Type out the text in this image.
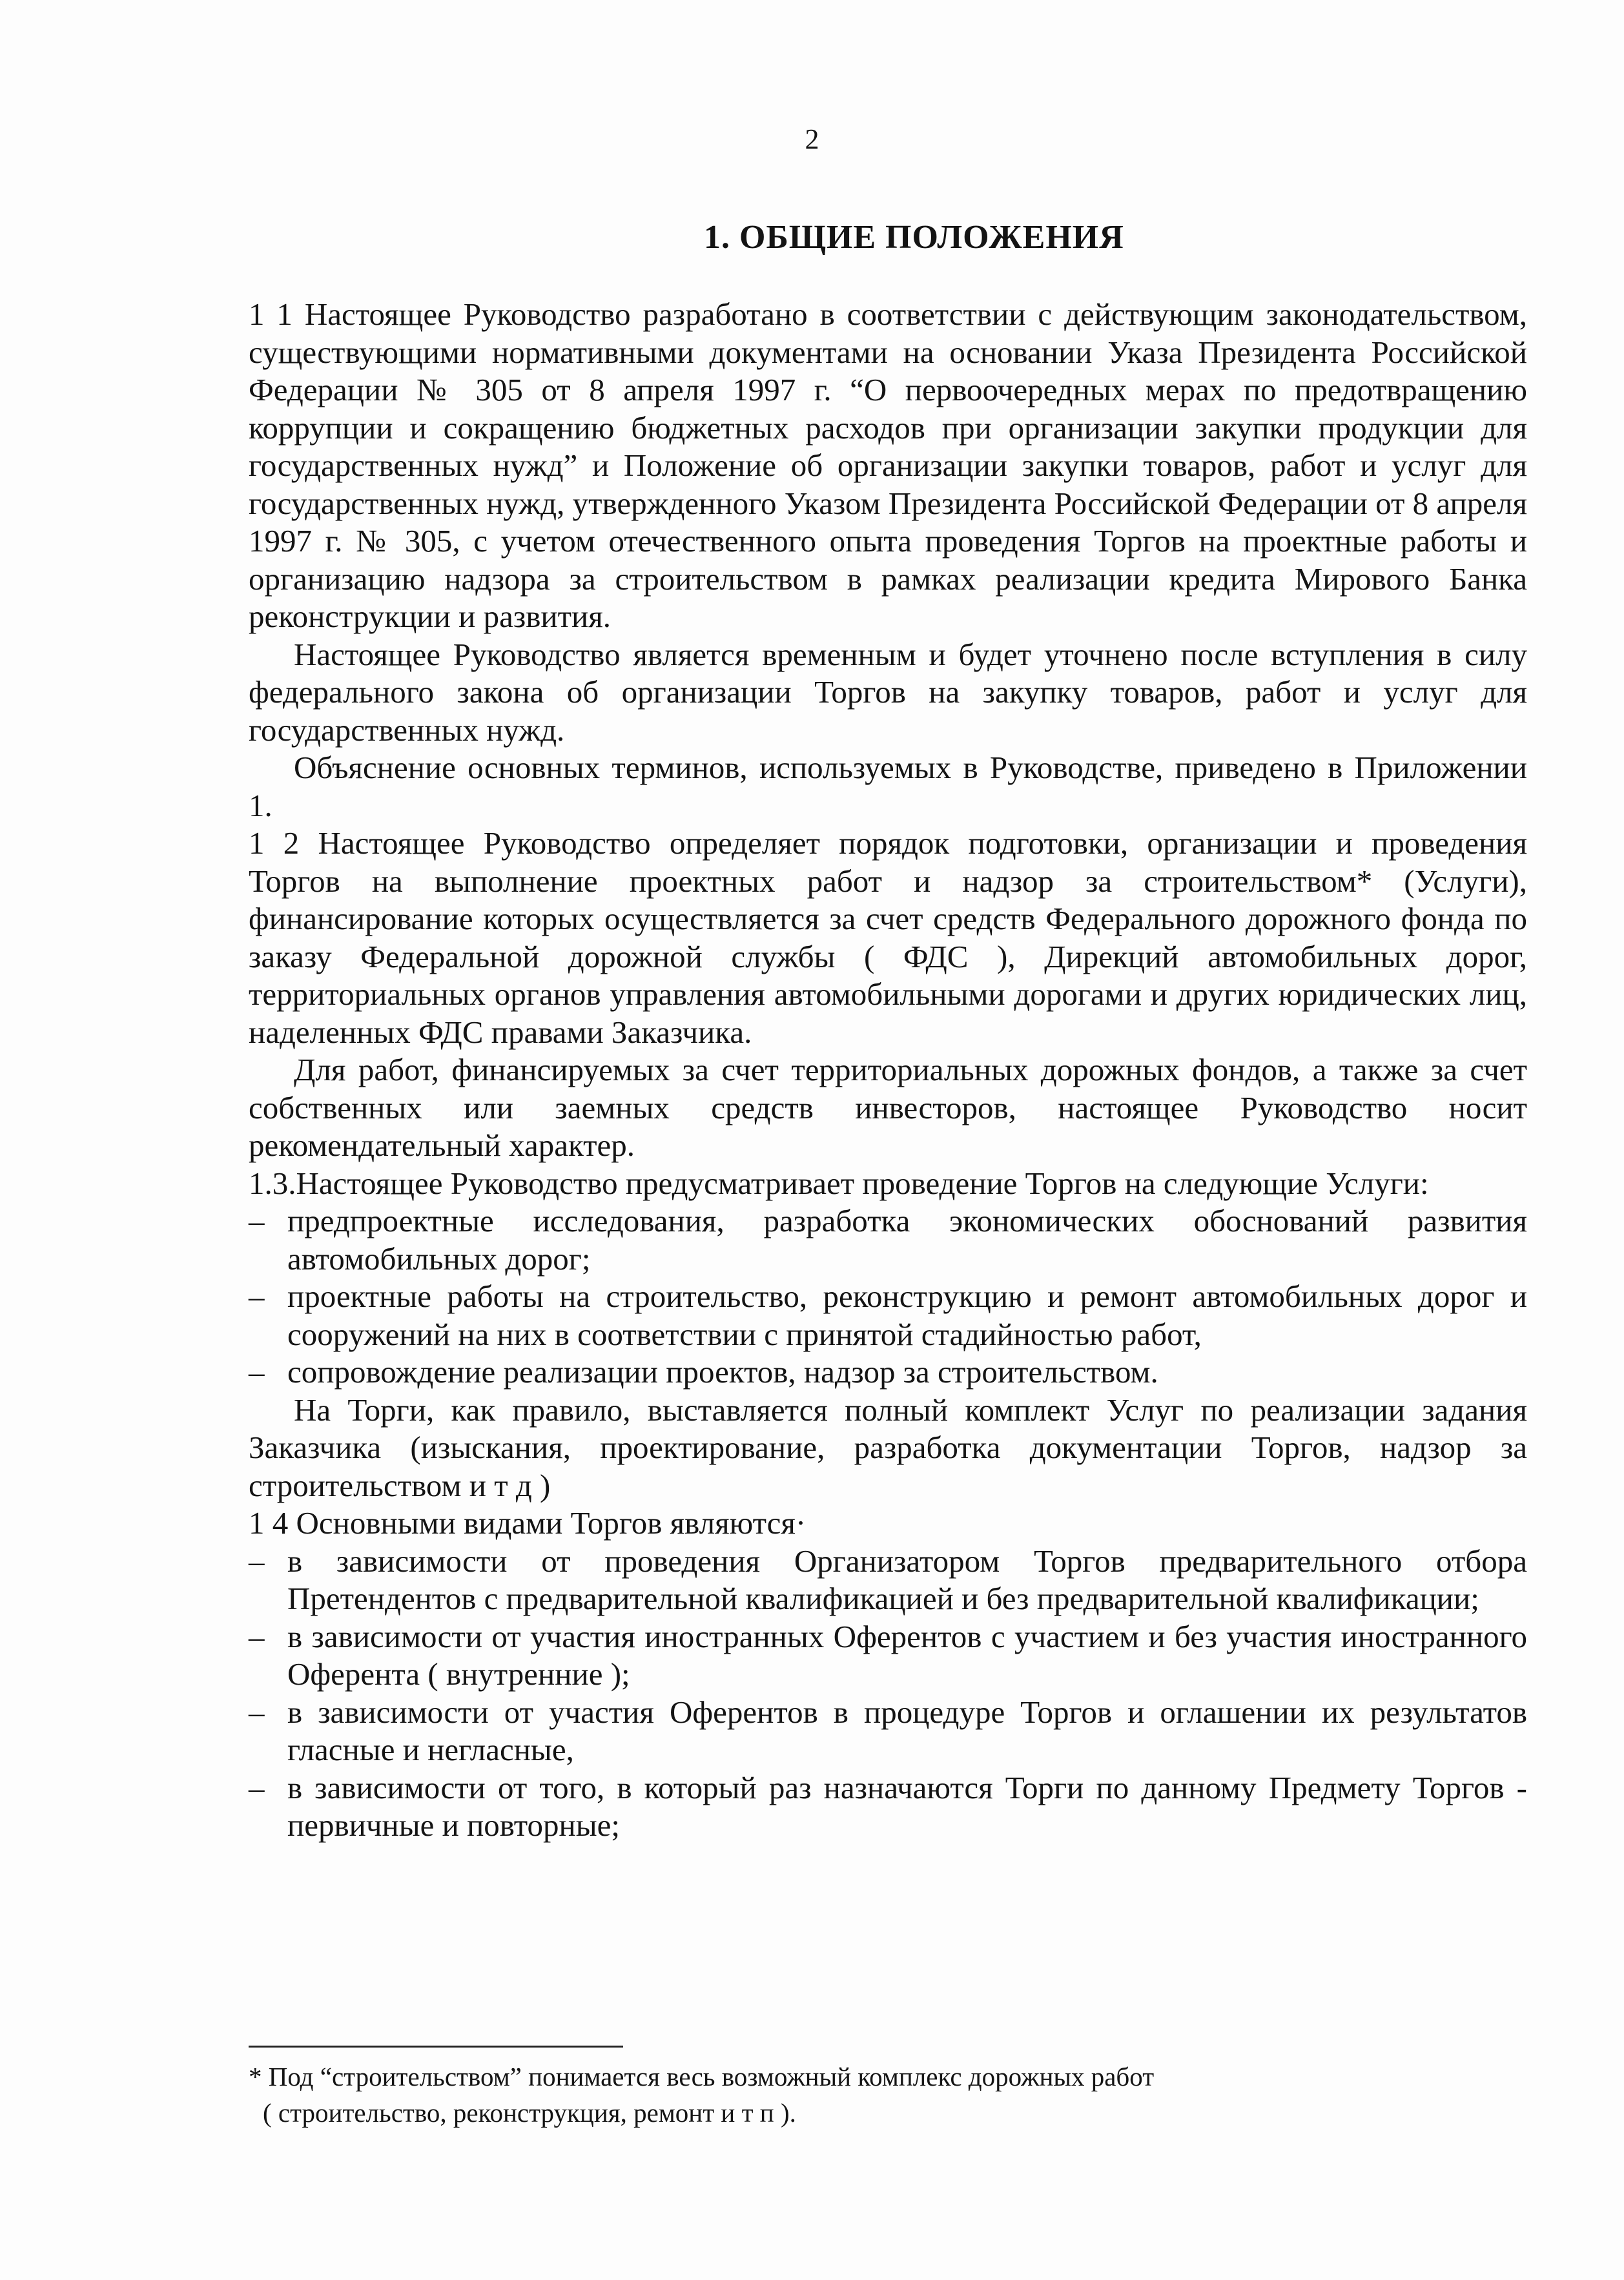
2
1. ОБЩИЕ ПОЛОЖЕНИЯ

1 1 Настоящее Руководство разработано в соответствии с действующим законодательством, существующими нормативными документами на основании Указа Президента Российской Федерации № 305 от 8 апреля 1997 г. “О первоочередных мерах по предотвращению коррупции и сокращению бюджетных расходов при организации закупки продукции для государственных нужд” и Положение об организации закупки товаров, работ и услуг для государственных нужд, утвержденного Указом Президента Российской Федерации от 8 апреля 1997 г. № 305, с учетом отечественного опыта проведения Торгов на проектные работы и организацию надзора за строительством в рамках реализации кредита Мирового Банка реконструкции и развития.

Настоящее Руководство является временным и будет уточнено после вступления в силу федерального закона об организации Торгов на закупку товаров, работ и услуг для государственных нужд.

Объяснение основных терминов, используемых в Руководстве, приведено в Приложении 1.

1 2 Настоящее Руководство определяет порядок подготовки, организации и проведения Торгов на выполнение проектных работ и надзор за строительством* (Услуги), финансирование которых осуществляется за счет средств Федерального дорожного фонда по заказу Федеральной дорожной службы ( ФДС ), Дирекций автомобильных дорог, территориальных органов управления автомобильными дорогами и других юридических лиц, наделенных ФДС правами Заказчика.

Для работ, финансируемых за счет территориальных дорожных фондов, а также за счет собственных или заемных средств инвесторов, настоящее Руководство носит рекомендательный характер.

1.3.Настоящее Руководство предусматривает проведение Торгов на следующие Услуги:

– предпроектные исследования, разработка экономических обоснований развития автомобильных дорог;
– проектные работы на строительство, реконструкцию и ремонт автомобильных дорог и сооружений на них в соответствии с принятой стадийностью работ,
– сопровождение реализации проектов, надзор за строительством.

На Торги, как правило, выставляется полный комплект Услуг по реализации задания Заказчика (изыскания, проектирование, разработка документации Торгов, надзор за строительством и т д )

1 4 Основными видами Торгов являются·

– в зависимости от проведения Организатором Торгов предварительного отбора Претендентов с предварительной квалификацией и без предварительной квалификации;
– в зависимости от участия иностранных Оферентов с участием и без участия иностранного Оферента ( внутренние );
– в зависимости от участия Оферентов в процедуре Торгов и оглашении их результатов гласные и негласные,
– в зависимости от того, в который раз назначаются Торги по данному Предмету Торгов - первичные и повторные;

* Под “строительством” понимается весь возможный комплекс дорожных работ

( строительство, реконструкция, ремонт и т п ).
